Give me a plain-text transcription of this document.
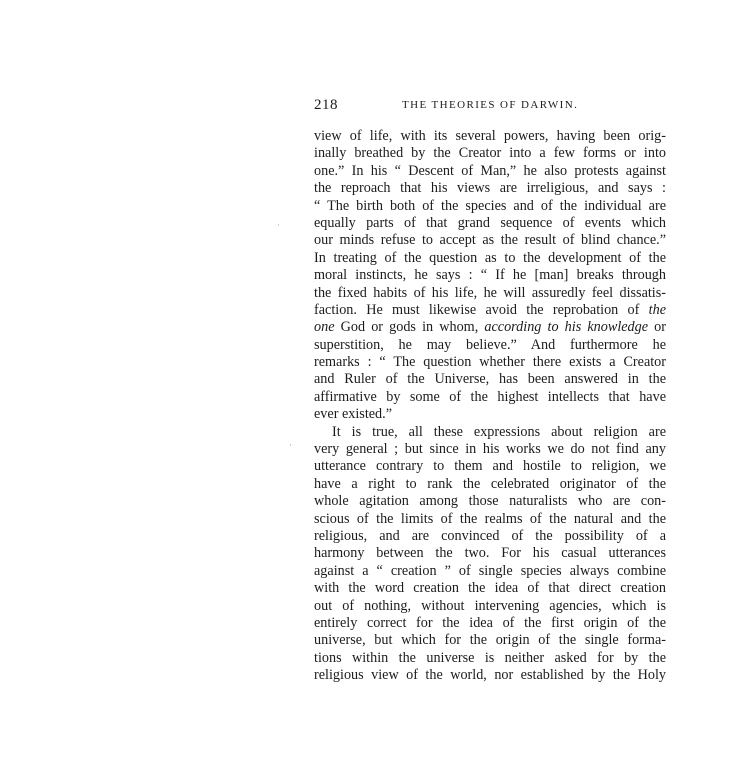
218	THE THEORIES OF DARWIN.
·
·
view of life, with its several powers, having been orig-
inally breathed by the Creator into a few forms or into
one.” In his “ Descent of Man,” he also protests against
the reproach that his views are irreligious, and says :
“ The birth both of the species and of the individual are
equally parts of that grand sequence of events which
our minds refuse to accept as the result of blind chance.”
In treating of the question as to the development of the
moral instincts, he says : “ If he [man] breaks through
the fixed habits of his life, he will assuredly feel dissatis-
faction. He must likewise avoid the reprobation of the
one God or gods in whom, according to his knowledge or
superstition, he may believe.” And furthermore he
remarks : “ The question whether there exists a Creator
and Ruler of the Universe, has been answered in the
affirmative by some of the highest intellects that have
ever existed.”
It is true, all these expressions about religion are
very general ; but since in his works we do not find any
utterance contrary to them and hostile to religion, we
have a right to rank the celebrated originator of the
whole agitation among those naturalists who are con-
scious of the limits of the realms of the natural and the
religious, and are convinced of the possibility of a
harmony between the two. For his casual utterances
against a “ creation ” of single species always combine
with the word creation the idea of that direct creation
out of nothing, without intervening agencies, which is
entirely correct for the idea of the first origin of the
universe, but which for the origin of the single forma-
tions within the universe is neither asked for by the
religious view of the world, nor established by the Holy
